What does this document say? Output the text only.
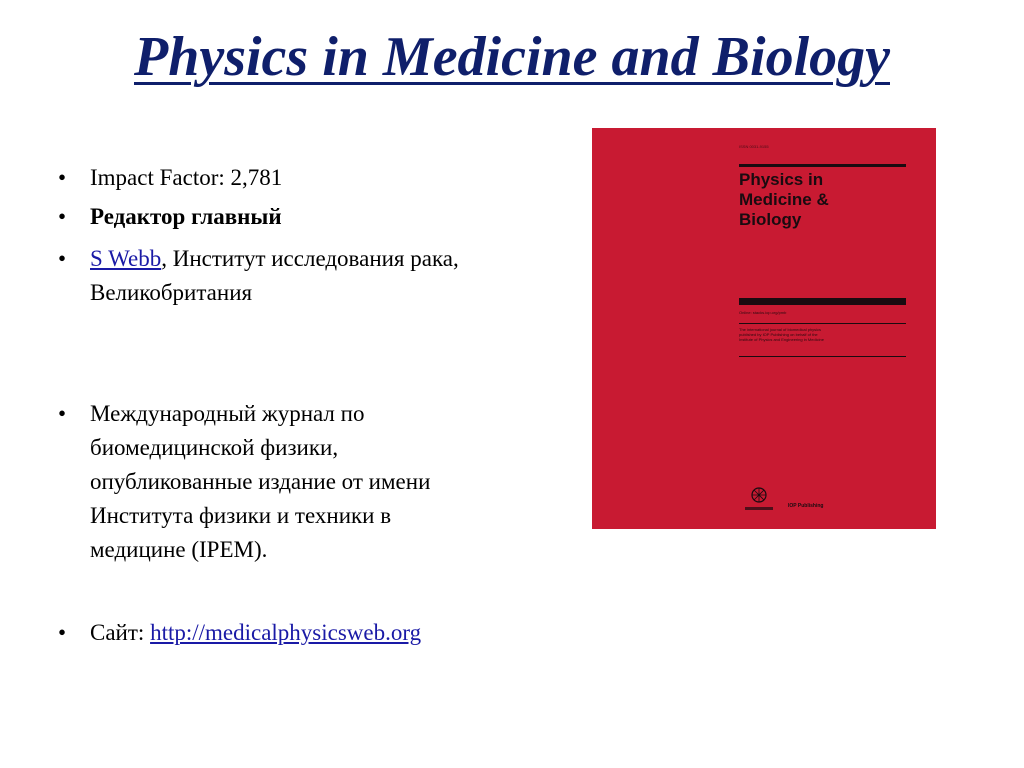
Physics in Medicine and Biology
• Impact Factor: 2,781
• Редактор главный
• S Webb, Институт исследования рака,
Великобритания
• Международный журнал по
биомедицинской физики,
опубликованные издание от имени
Института физики и техники в
медицине (IPEM).
• Сайт: http://medicalphysicsweb.org
ISSN 0031-9155
Physics in
Medicine &
Biology
Online: stacks.iop.org/pmb
The international journal of biomedical physics
published by IOP Publishing on behalf of the
Institute of Physics and Engineering in Medicine
IOP Publishing
